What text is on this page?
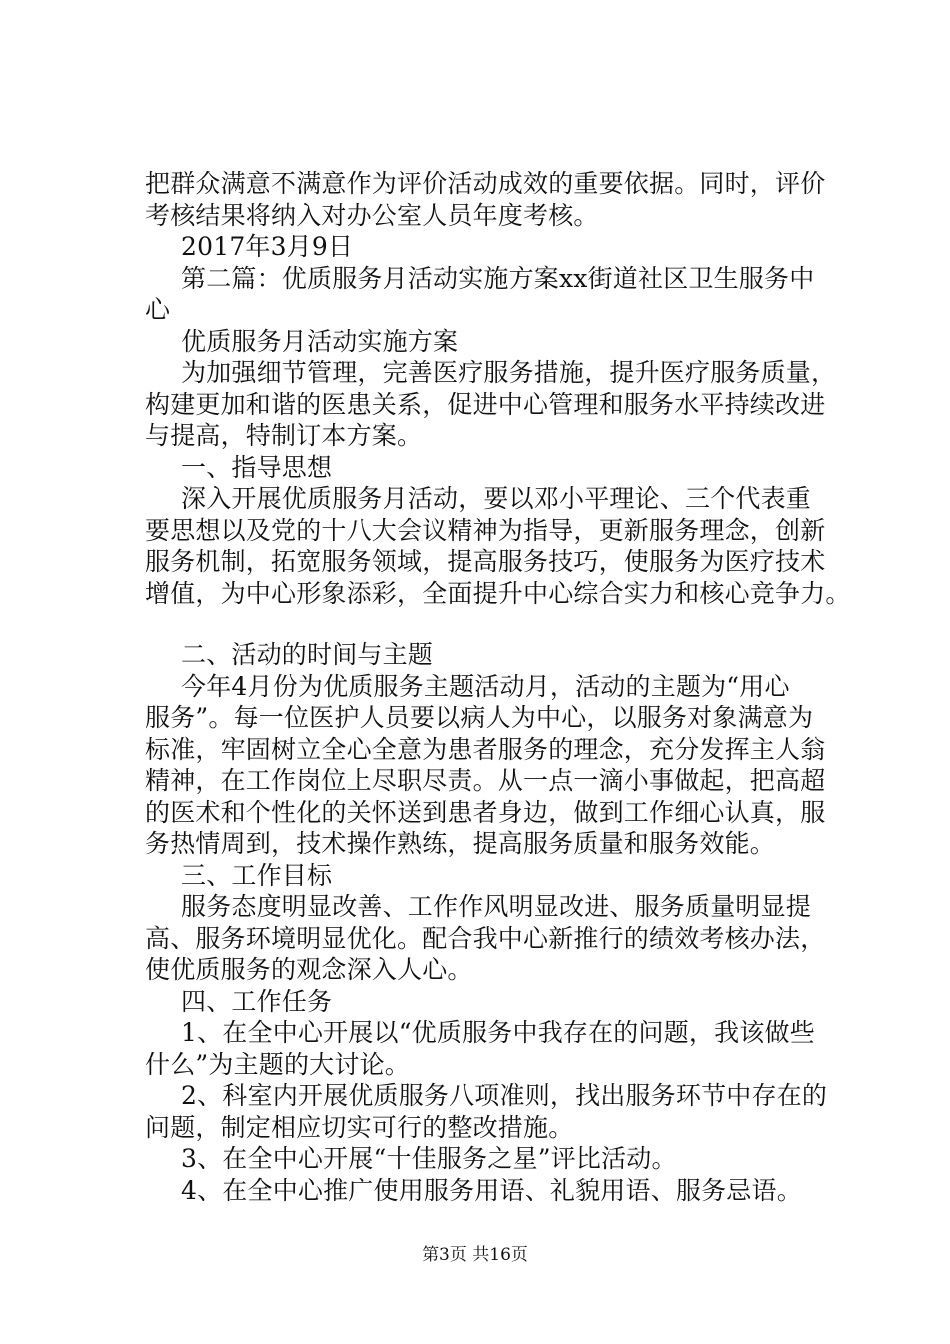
把群众满意不满意作为评价活动成效的重要依据。同时，评价
考核结果将纳入对办公室人员年度考核。
2017年3月9日
第二篇：优质服务月活动实施方案xx街道社区卫生服务中
心
优质服务月活动实施方案
为加强细节管理，完善医疗服务措施，提升医疗服务质量，
构建更加和谐的医患关系，促进中心管理和服务水平持续改进
与提高，特制订本方案。
一、指导思想
深入开展优质服务月活动，要以邓小平理论、三个代表重
要思想以及党的十八大会议精神为指导，更新服务理念，创新
服务机制，拓宽服务领域，提高服务技巧，使服务为医疗技术
增值，为中心形象添彩，全面提升中心综合实力和核心竞争力。
二、活动的时间与主题
今年4月份为优质服务主题活动月，活动的主题为“用心
服务”。每一位医护人员要以病人为中心，以服务对象满意为
标准，牢固树立全心全意为患者服务的理念，充分发挥主人翁
精神，在工作岗位上尽职尽责。从一点一滴小事做起，把高超
的医术和个性化的关怀送到患者身边，做到工作细心认真，服
务热情周到，技术操作熟练，提高服务质量和服务效能。
三、工作目标
服务态度明显改善、工作作风明显改进、服务质量明显提
高、服务环境明显优化。配合我中心新推行的绩效考核办法，
使优质服务的观念深入人心。
四、工作任务
1、在全中心开展以“优质服务中我存在的问题，我该做些
什么”为主题的大讨论。
2、科室内开展优质服务八项准则，找出服务环节中存在的
问题，制定相应切实可行的整改措施。
3、在全中心开展“十佳服务之星”评比活动。
4、在全中心推广使用服务用语、礼貌用语、服务忌语。
第3页 共16页
